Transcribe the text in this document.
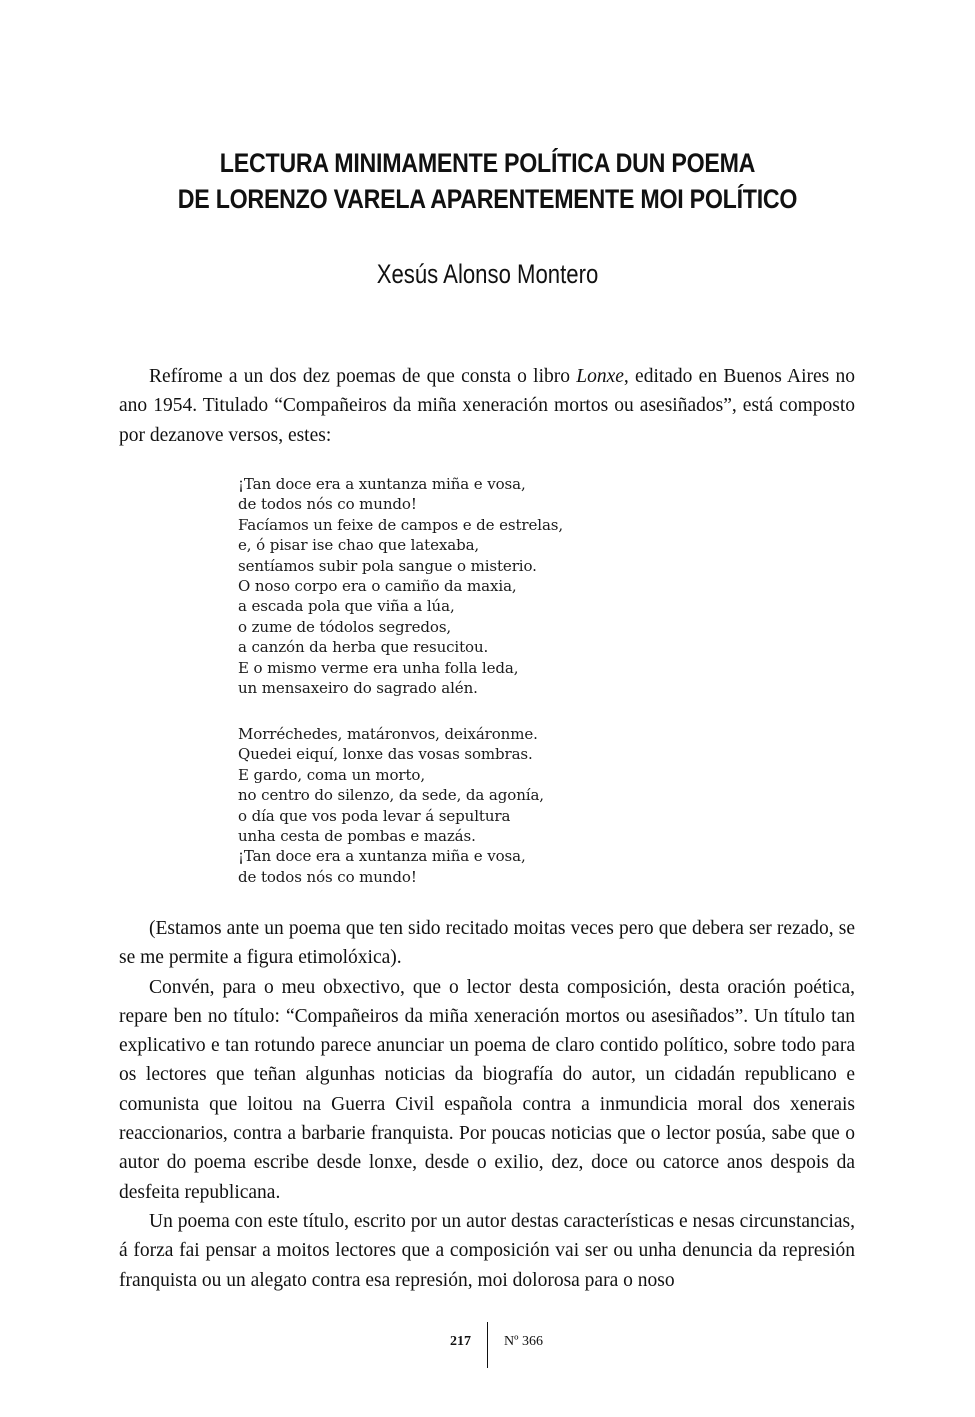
LECTURA MINIMAMENTE POLÍTICA DUN POEMA
DE LORENZO VARELA APARENTEMENTE MOI POLÍTICO
Xesús Alonso Montero

Refírome a un dos dez poemas de que consta o libro Lonxe, editado en Buenos Aires no ano 1954. Titulado “Compañeiros da miña xeneración mortos ou asesiñados”, está composto por dezanove versos, estes:

¡Tan doce era a xuntanza miña e vosa,
de todos nós co mundo!
Facíamos un feixe de campos e de estrelas,
e, ó pisar ise chao que latexaba,
sentíamos subir pola sangue o misterio.
O noso corpo era o camiño da maxia,
a escada pola que viña a lúa,
o zume de tódolos segredos,
a canzón da herba que resucitou.
E o mismo verme era unha folla leda,
un mensaxeiro do sagrado alén.
Morréchedes, matáronvos, deixáronme.
Quedei eiquí, lonxe das vosas sombras.
E gardo, coma un morto,
no centro do silenzo, da sede, da agonía,
o día que vos poda levar á sepultura
unha cesta de pombas e mazás.
¡Tan doce era a xuntanza miña e vosa,
de todos nós co mundo!

(Estamos ante un poema que ten sido recitado moitas veces pero que debera ser rezado, se se me permite a figura etimolóxica).

Convén, para o meu obxectivo, que o lector desta composición, desta oración poética, repare ben no título: “Compañeiros da miña xeneración mortos ou asesiñados”. Un título tan explicativo e tan rotundo parece anunciar un poema de claro contido político, sobre todo para os lectores que teñan algunhas noticias da biografía do autor, un cidadán republicano e comunista que loitou na Guerra Civil española contra a inmundicia moral dos xenerais reaccionarios, contra a barbarie franquista. Por poucas noticias que o lector posúa, sabe que o autor do poema escribe desde lonxe, desde o exilio, dez, doce ou catorce anos despois da desfeita republicana.

Un poema con este título, escrito por un autor destas características e nesas circunstancias, á forza fai pensar a moitos lectores que a composición vai ser ou unha denuncia da represión franquista ou un alegato contra esa represión, moi dolorosa para o noso

217 Nº 366
